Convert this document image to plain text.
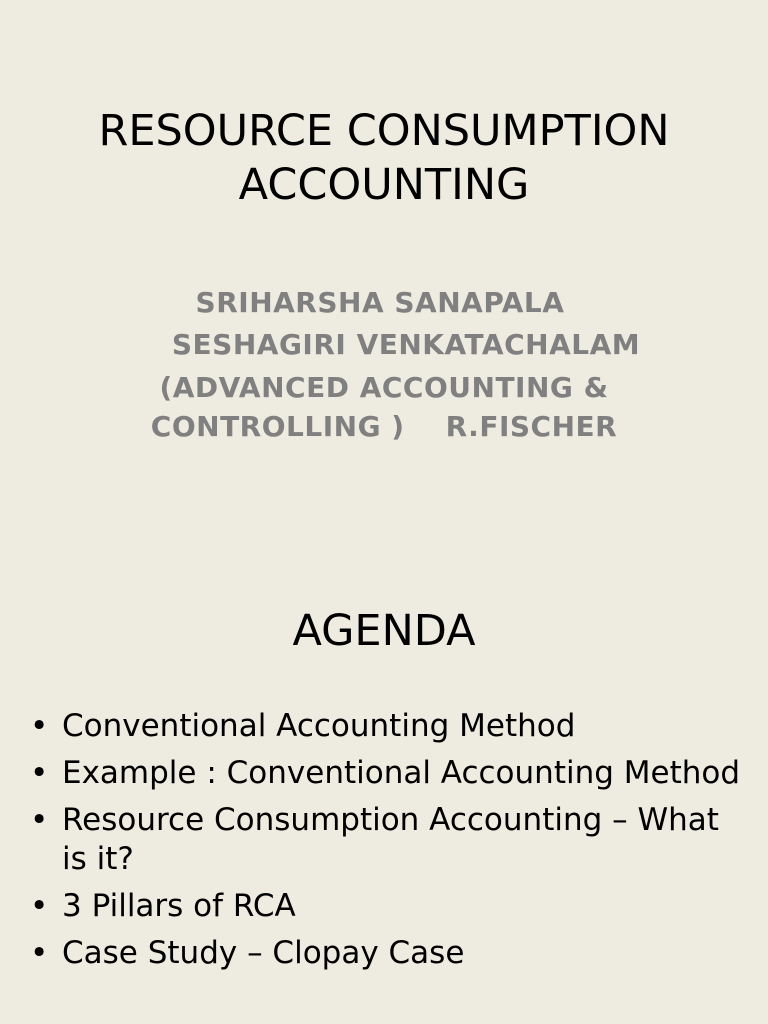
RESOURCE CONSUMPTION
ACCOUNTING
SRIHARSHA SANAPALA
SESHAGIRI VENKATACHALAM
(ADVANCED ACCOUNTING &
CONTROLLING )    R.FISCHER
AGENDA
• Conventional Accounting Method
• Example : Conventional Accounting Method
• Resource Consumption Accounting – What is it?
• 3 Pillars of RCA
• Case Study – Clopay Case
